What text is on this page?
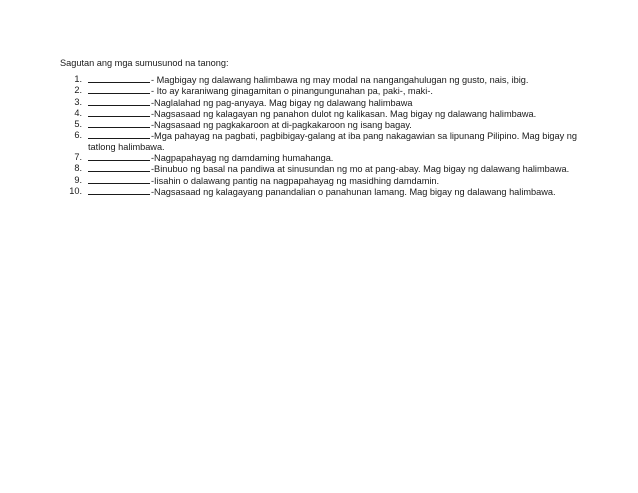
Sagutan ang mga sumusunod na tanong:
1.	- Magbigay ng dalawang halimbawa ng may modal na nangangahulugan ng gusto, nais, ibig.
2.	- Ito ay karaniwang ginagamitan o pinangungunahan pa, paki-, maki-.
3.	-Naglalahad ng pag-anyaya. Mag bigay ng dalawang halimbawa
4.	-Nagsasaad ng kalagayan ng panahon dulot ng kalikasan. Mag bigay ng dalawang halimbawa.
5.	-Nagsasaad ng pagkakaroon at di-pagkakaroon ng isang bagay.
6.	-Mga pahayag na pagbati, pagbibigay-galang at iba pang nakagawian sa lipunang Pilipino. Mag bigay ng tatlong halimbawa.
7.	-Nagpapahayag ng damdaming humahanga.
8.	-Binubuo ng basal na pandiwa at sinusundan ng mo at pang-abay. Mag bigay ng dalawang halimbawa.
9.	-Iisahin o dalawang pantig na nagpapahayag ng masidhing damdamin.
10.	-Nagsasaad ng kalagayang panandalian o panahunan lamang. Mag bigay ng dalawang halimbawa.
